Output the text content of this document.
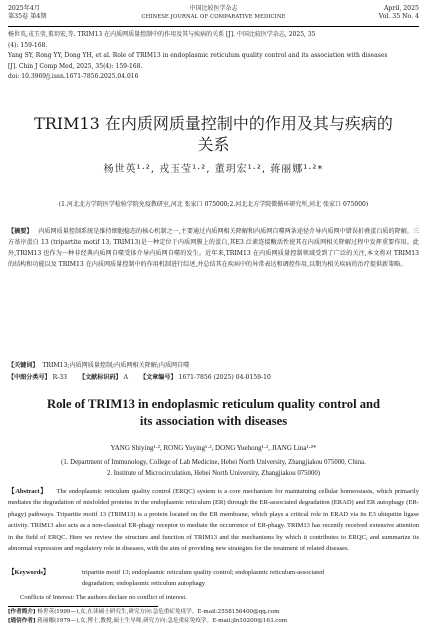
2025年4月
第35卷 第4期
中国比较医学杂志
CHINESE JOURNAL OF COMPARATIVE MEDICINE
April, 2025
Vol. 35 No. 4
杨世英,戎玉莹,董玥宏,等. TRIM13 在内质网质量控制中的作用及其与疾病的关系 [J]. 中国比较医学杂志, 2025, 35
(4): 159-168.
Yang SY, Rong YY, Dong YH, et al. Role of TRIM13 in endoplasmic reticulum quality control and its association with diseases
[J]. Chin J Comp Med, 2025, 35(4): 159-168.
doi: 10.3969/j.issn.1671-7856.2025.04.016
TRIM13 在内质网质量控制中的作用及其与疾病的
关系
杨世英¹·², 戎玉莹¹·², 董玥宏¹·², 蒋丽娜¹·²*
(1.河北北方学院医学检验学院免疫教研室,河北 张家口 075000;2.河北北方学院微循环研究所,河北 张家口 075000)
【摘要】 内质网质量控制系统是维持细胞稳态的核心机制之一,主要通过内质网相关降解和内质网自噬两条途径介导内质网中错误折叠蛋白质的降解。三方基序蛋白 13 (tripartite motif 13, TRIM13)是一种定位于内质网膜上的蛋白,其E3 泛素连接酶活性使其在内质网相关降解过程中发挥重要作用。此外,TRIM13 也作为一种非经典内质网自噬受体介导内质网自噬的发生。近年来,TRIM13 在内质网质量控制领域受到了广泛的关注,本文将对 TRIM13 的结构和功能以及 TRIM13 在内质网质量控制中的作用机制进行综述,并总结其在疾病中的异常表达和调控作用,以期为相关疾病的治疗提供新策略。
【关键词】 TRIM13;内质网质量控制;内质网相关降解;内质网自噬
【中图分类号】 R-33 【文献标识码】 A 【文章编号】 1671-7856 (2025) 04-0159-10
Role of TRIM13 in endoplasmic reticulum quality control and
its association with diseases
YANG Shiying¹·², RONG Yuying¹·², DONG Yuehong¹·², JIANG Lina¹·²*
(1. Department of Immunology, College of Lab Medicine, Hebei North University, Zhangjiakou 075000, China.
2. Institute of Microcirculation, Hebei North University, Zhangjiakou 075000)
【Abstract】 The endoplasmic reticulum quality control (ERQC) system is a core mechanism for maintaining cellular homeostasis, which primarily mediates the degradation of misfolded proteins in the endoplasmic reticulum (ER) through the ER-associated degradation (ERAD) and ER autophagy (ER-phagy) pathways. Tripartite motif 13 (TRIM13) is a protein located on the ER membrane, which plays a critical role in ERAD via its E3 ubiquitin ligase activity. TRIM13 also acts as a non-classical ER-phagy receptor to mediate the occurrence of ER-phagy. TRIM13 has recently received extensive attention in the field of ERQC. Here we review the structure and function of TRIM13 and the mechanisms by which it contributes to ERQC, and summarize its abnormal expression and regulatory role in diseases, with the aim of providing new strategies for the treatment of related diseases.
【Keywords】	tripartite motif 13; endoplasmic reticulum quality control; endoplasmic reticulum-associated
degradation; endoplasmic reticulum autophagy
Conflicts of Interest: The authors declare no conflict of interest.
[作者简介] 杨世英(1999—),女,在读硕士研究生,研究方向:急危重症免疫学。E-mail:2558156400@qq.com
[通信作者] 蒋丽娜(1979—),女,博士,教授,硕士生导师,研究方向:急危重症免疫学。E-mail:jln10200@163.com
